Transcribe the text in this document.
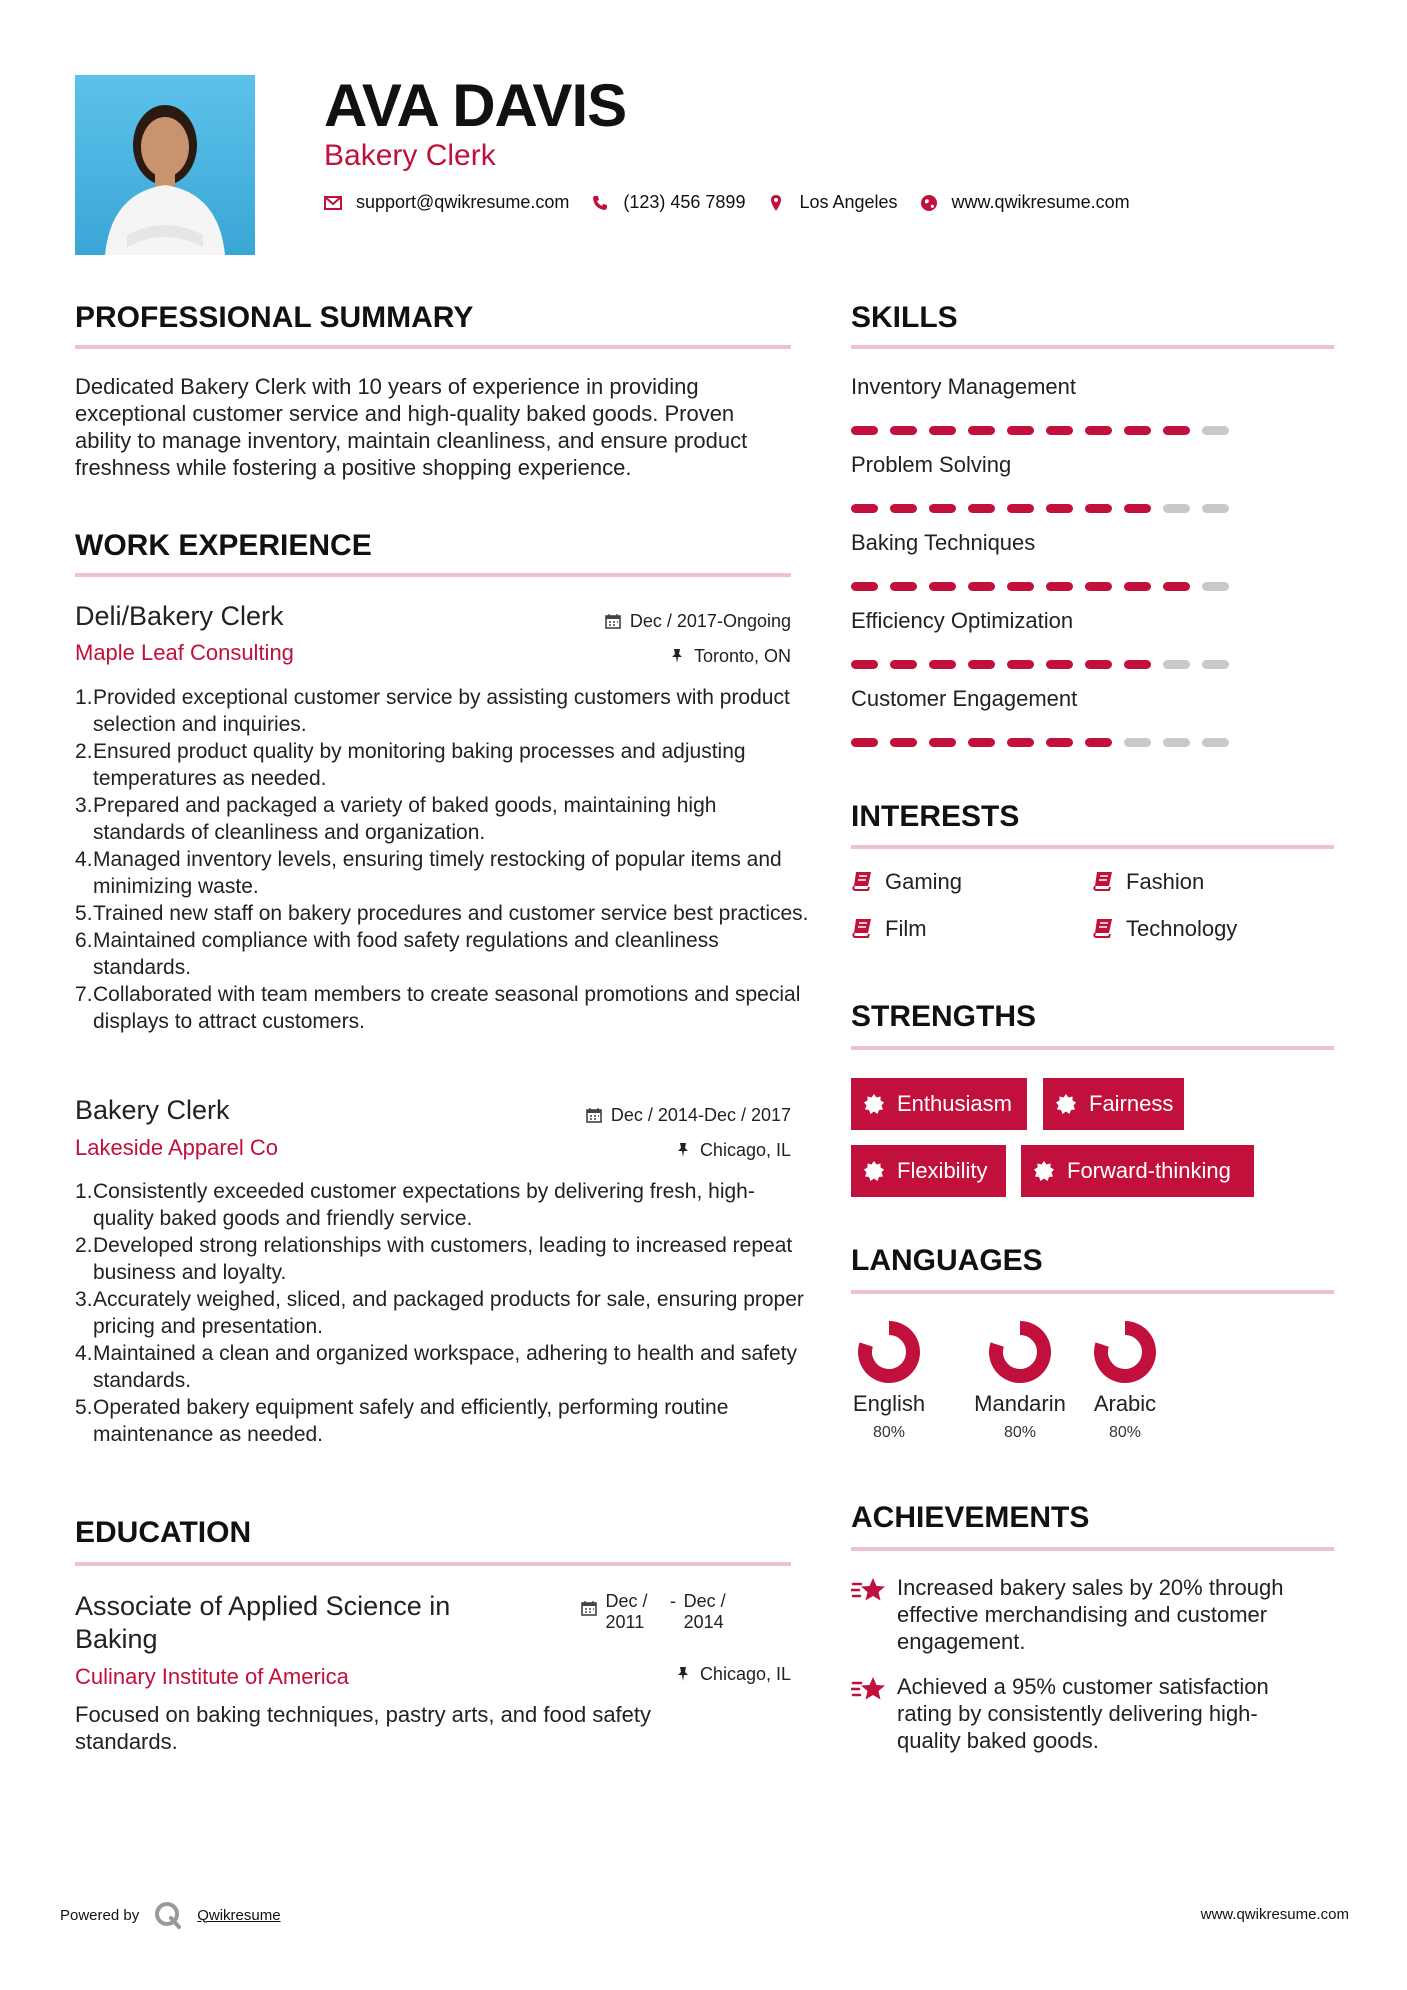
AVA DAVIS
Bakery Clerk
support@qwikresume.com	(123) 456 7899	Los Angeles	www.qwikresume.com
PROFESSIONAL SUMMARY
Dedicated Bakery Clerk with 10 years of experience in providing exceptional customer service and high-quality baked goods. Proven ability to manage inventory, maintain cleanliness, and ensure product freshness while fostering a positive shopping experience.
WORK EXPERIENCE
Deli/Bakery Clerk	Dec / 2017-Ongoing
Maple Leaf Consulting	Toronto, ON
Provided exceptional customer service by assisting customers with product selection and inquiries.
Ensured product quality by monitoring baking processes and adjusting temperatures as needed.
Prepared and packaged a variety of baked goods, maintaining high standards of cleanliness and organization.
Managed inventory levels, ensuring timely restocking of popular items and minimizing waste.
Trained new staff on bakery procedures and customer service best practices.
Maintained compliance with food safety regulations and cleanliness standards.
Collaborated with team members to create seasonal promotions and special displays to attract customers.
Bakery Clerk	Dec / 2014-Dec / 2017
Lakeside Apparel Co	Chicago, IL
Consistently exceeded customer expectations by delivering fresh, high-quality baked goods and friendly service.
Developed strong relationships with customers, leading to increased repeat business and loyalty.
Accurately weighed, sliced, and packaged products for sale, ensuring proper pricing and presentation.
Maintained a clean and organized workspace, adhering to health and safety standards.
Operated bakery equipment safely and efficiently, performing routine maintenance as needed.
EDUCATION
Associate of Applied Science in Baking
Dec / 2011
- Dec / 2014
Culinary Institute of America	Chicago, IL
Focused on baking techniques, pastry arts, and food safety standards.
SKILLS
Inventory Management
Problem Solving
Baking Techniques
Efficiency Optimization
Customer Engagement
INTERESTS
Gaming	Fashion
Film	Technology
STRENGTHS
Enthusiasm	Fairness
Flexibility	Forward-thinking
LANGUAGES
English
80%
Mandarin
80%
Arabic
80%
ACHIEVEMENTS
Increased bakery sales by 20% through effective merchandising and customer engagement.
Achieved a 95% customer satisfaction rating by consistently delivering high-quality baked goods.
Powered by	Qwikresume	www.qwikresume.com
